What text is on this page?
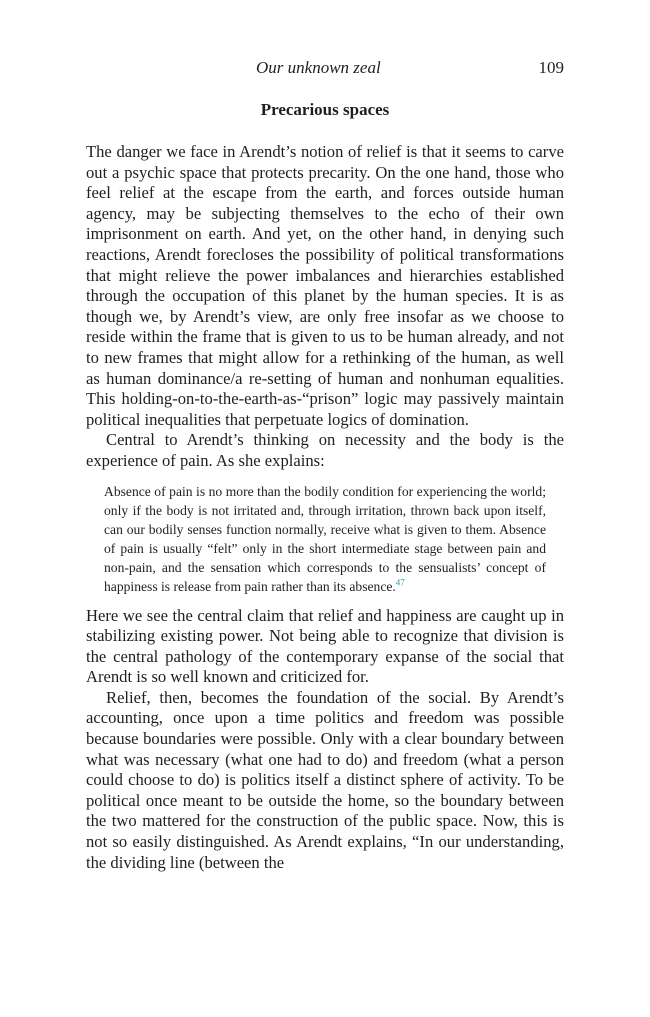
Our unknown zeal	109
Precarious spaces

The danger we face in Arendt’s notion of relief is that it seems to carve out a psychic space that protects precarity. On the one hand, those who feel relief at the escape from the earth, and forces outside human agency, may be subjecting themselves to the echo of their own imprisonment on earth. And yet, on the other hand, in denying such reactions, Arendt forecloses the possibility of political transformations that might relieve the power imbalances and hierarchies established through the occupation of this planet by the human species. It is as though we, by Arendt’s view, are only free insofar as we choose to reside within the frame that is given to us to be human already, and not to new frames that might allow for a rethinking of the human, as well as human dominance/a re-setting of human and nonhuman equalities. This holding-on-to-the-earth-as-“prison” logic may passively maintain political inequalities that perpetuate logics of domination.

Central to Arendt’s thinking on necessity and the body is the experience of pain. As she explains:

Absence of pain is no more than the bodily condition for experiencing the world; only if the body is not irritated and, through irritation, thrown back upon itself, can our bodily senses function normally, receive what is given to them. Absence of pain is usually “felt” only in the short intermediate stage between pain and non-pain, and the sensation which corresponds to the sensualists’ concept of happiness is release from pain rather than its absence.$^{47}$

Here we see the central claim that relief and happiness are caught up in stabilizing existing power. Not being able to recognize that division is the central pathology of the contemporary expanse of the social that Arendt is so well known and criticized for.

Relief, then, becomes the foundation of the social. By Arendt’s accounting, once upon a time politics and freedom was possible because boundaries were possible. Only with a clear boundary between what was necessary (what one had to do) and freedom (what a person could choose to do) is politics itself a distinct sphere of activity. To be political once meant to be outside the home, so the boundary between the two mattered for the construction of the public space. Now, this is not so easily distinguished. As Arendt explains, “In our understanding, the dividing line (between the
